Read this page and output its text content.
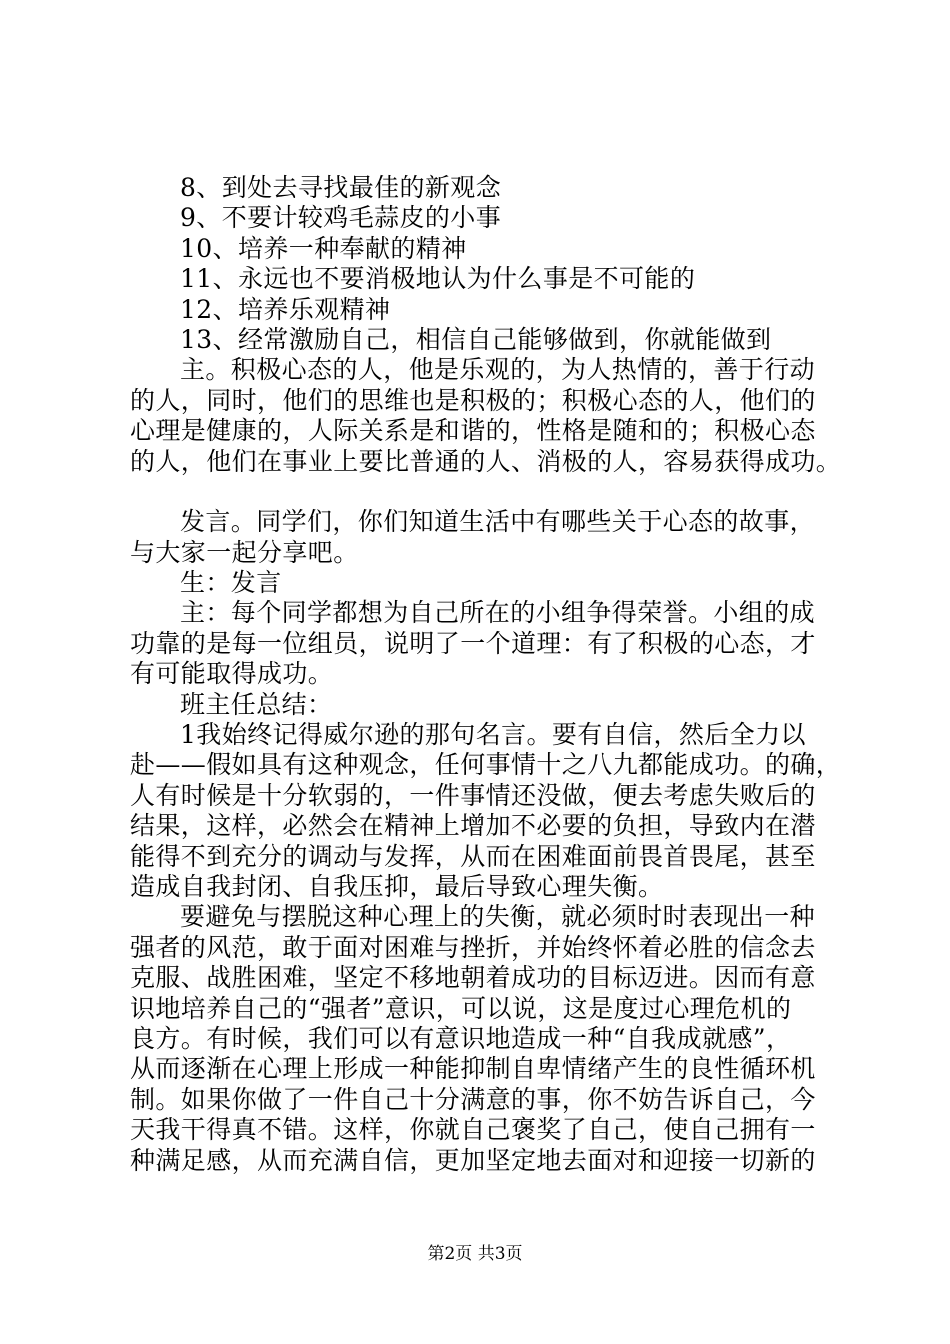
8、到处去寻找最佳的新观念
9、不要计较鸡毛蒜皮的小事
10、培养一种奉献的精神
11、永远也不要消极地认为什么事是不可能的
12、培养乐观精神
13、经常激励自己，相信自己能够做到，你就能做到
主。积极心态的人，他是乐观的，为人热情的，善于行动
的人，同时，他们的思维也是积极的；积极心态的人，他们的
心理是健康的，人际关系是和谐的，性格是随和的；积极心态
的人，他们在事业上要比普通的人、消极的人，容易获得成功。
发言。同学们，你们知道生活中有哪些关于心态的故事，
与大家一起分享吧。
生：发言
主：每个同学都想为自己所在的小组争得荣誉。小组的成
功靠的是每一位组员，说明了一个道理：有了积极的心态，才
有可能取得成功。
班主任总结：
1我始终记得威尔逊的那句名言。要有自信，然后全力以
赴——假如具有这种观念，任何事情十之八九都能成功。的确，
人有时候是十分软弱的，一件事情还没做，便去考虑失败后的
结果，这样，必然会在精神上增加不必要的负担，导致内在潜
能得不到充分的调动与发挥，从而在困难面前畏首畏尾，甚至
造成自我封闭、自我压抑，最后导致心理失衡。
要避免与摆脱这种心理上的失衡，就必须时时表现出一种
强者的风范，敢于面对困难与挫折，并始终怀着必胜的信念去
克服、战胜困难，坚定不移地朝着成功的目标迈进。因而有意
识地培养自己的“强者”意识，可以说，这是度过心理危机的
良方。有时候，我们可以有意识地造成一种“自我成就感”，
从而逐渐在心理上形成一种能抑制自卑情绪产生的良性循环机
制。如果你做了一件自己十分满意的事，你不妨告诉自己，今
天我干得真不错。这样，你就自己褒奖了自己，使自己拥有一
种满足感，从而充满自信，更加坚定地去面对和迎接一切新的
第2页 共3页
